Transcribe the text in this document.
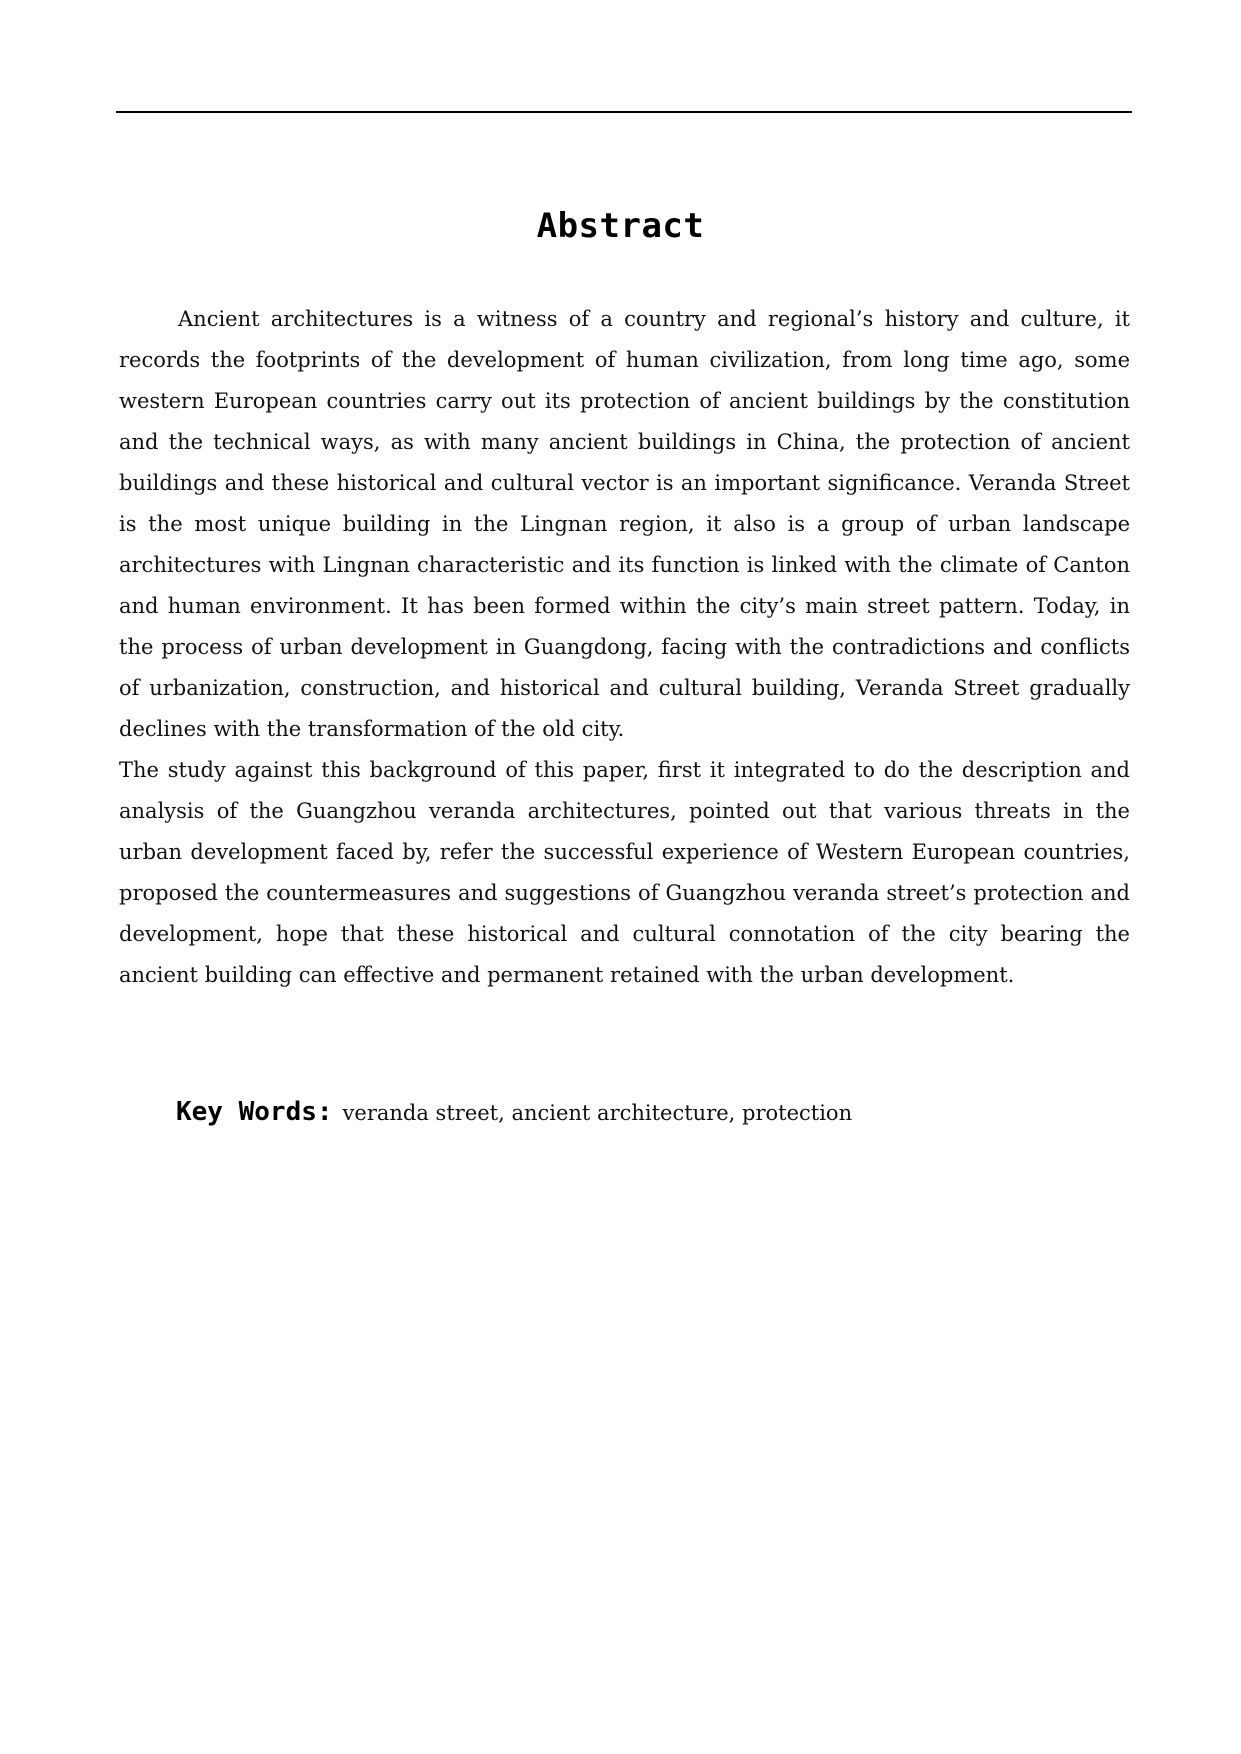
Abstract

Ancient architectures is a witness of a country and regional’s history and culture, it records the footprints of the development of human civilization, from long time ago, some western European countries carry out its protection of ancient buildings by the constitution and the technical ways, as with many ancient buildings in China, the protection of ancient buildings and these historical and cultural vector is an important significance. Veranda Street is the most unique building in the Lingnan region, it also is a group of urban landscape architectures with Lingnan characteristic and its function is linked with the climate of Canton and human environment. It has been formed within the city’s main street pattern. Today, in the process of urban development in Guangdong, facing with the contradictions and conflicts of urbanization, construction, and historical and cultural building, Veranda Street gradually declines with the transformation of the old city.

The study against this background of this paper, first it integrated to do the description and analysis of the Guangzhou veranda architectures, pointed out that various threats in the urban development faced by, refer the successful experience of Western European countries, proposed the countermeasures and suggestions of Guangzhou veranda street’s protection and development, hope that these historical and cultural connotation of the city bearing the ancient building can effective and permanent retained with the urban development.

Key Words: veranda street, ancient architecture, protection
